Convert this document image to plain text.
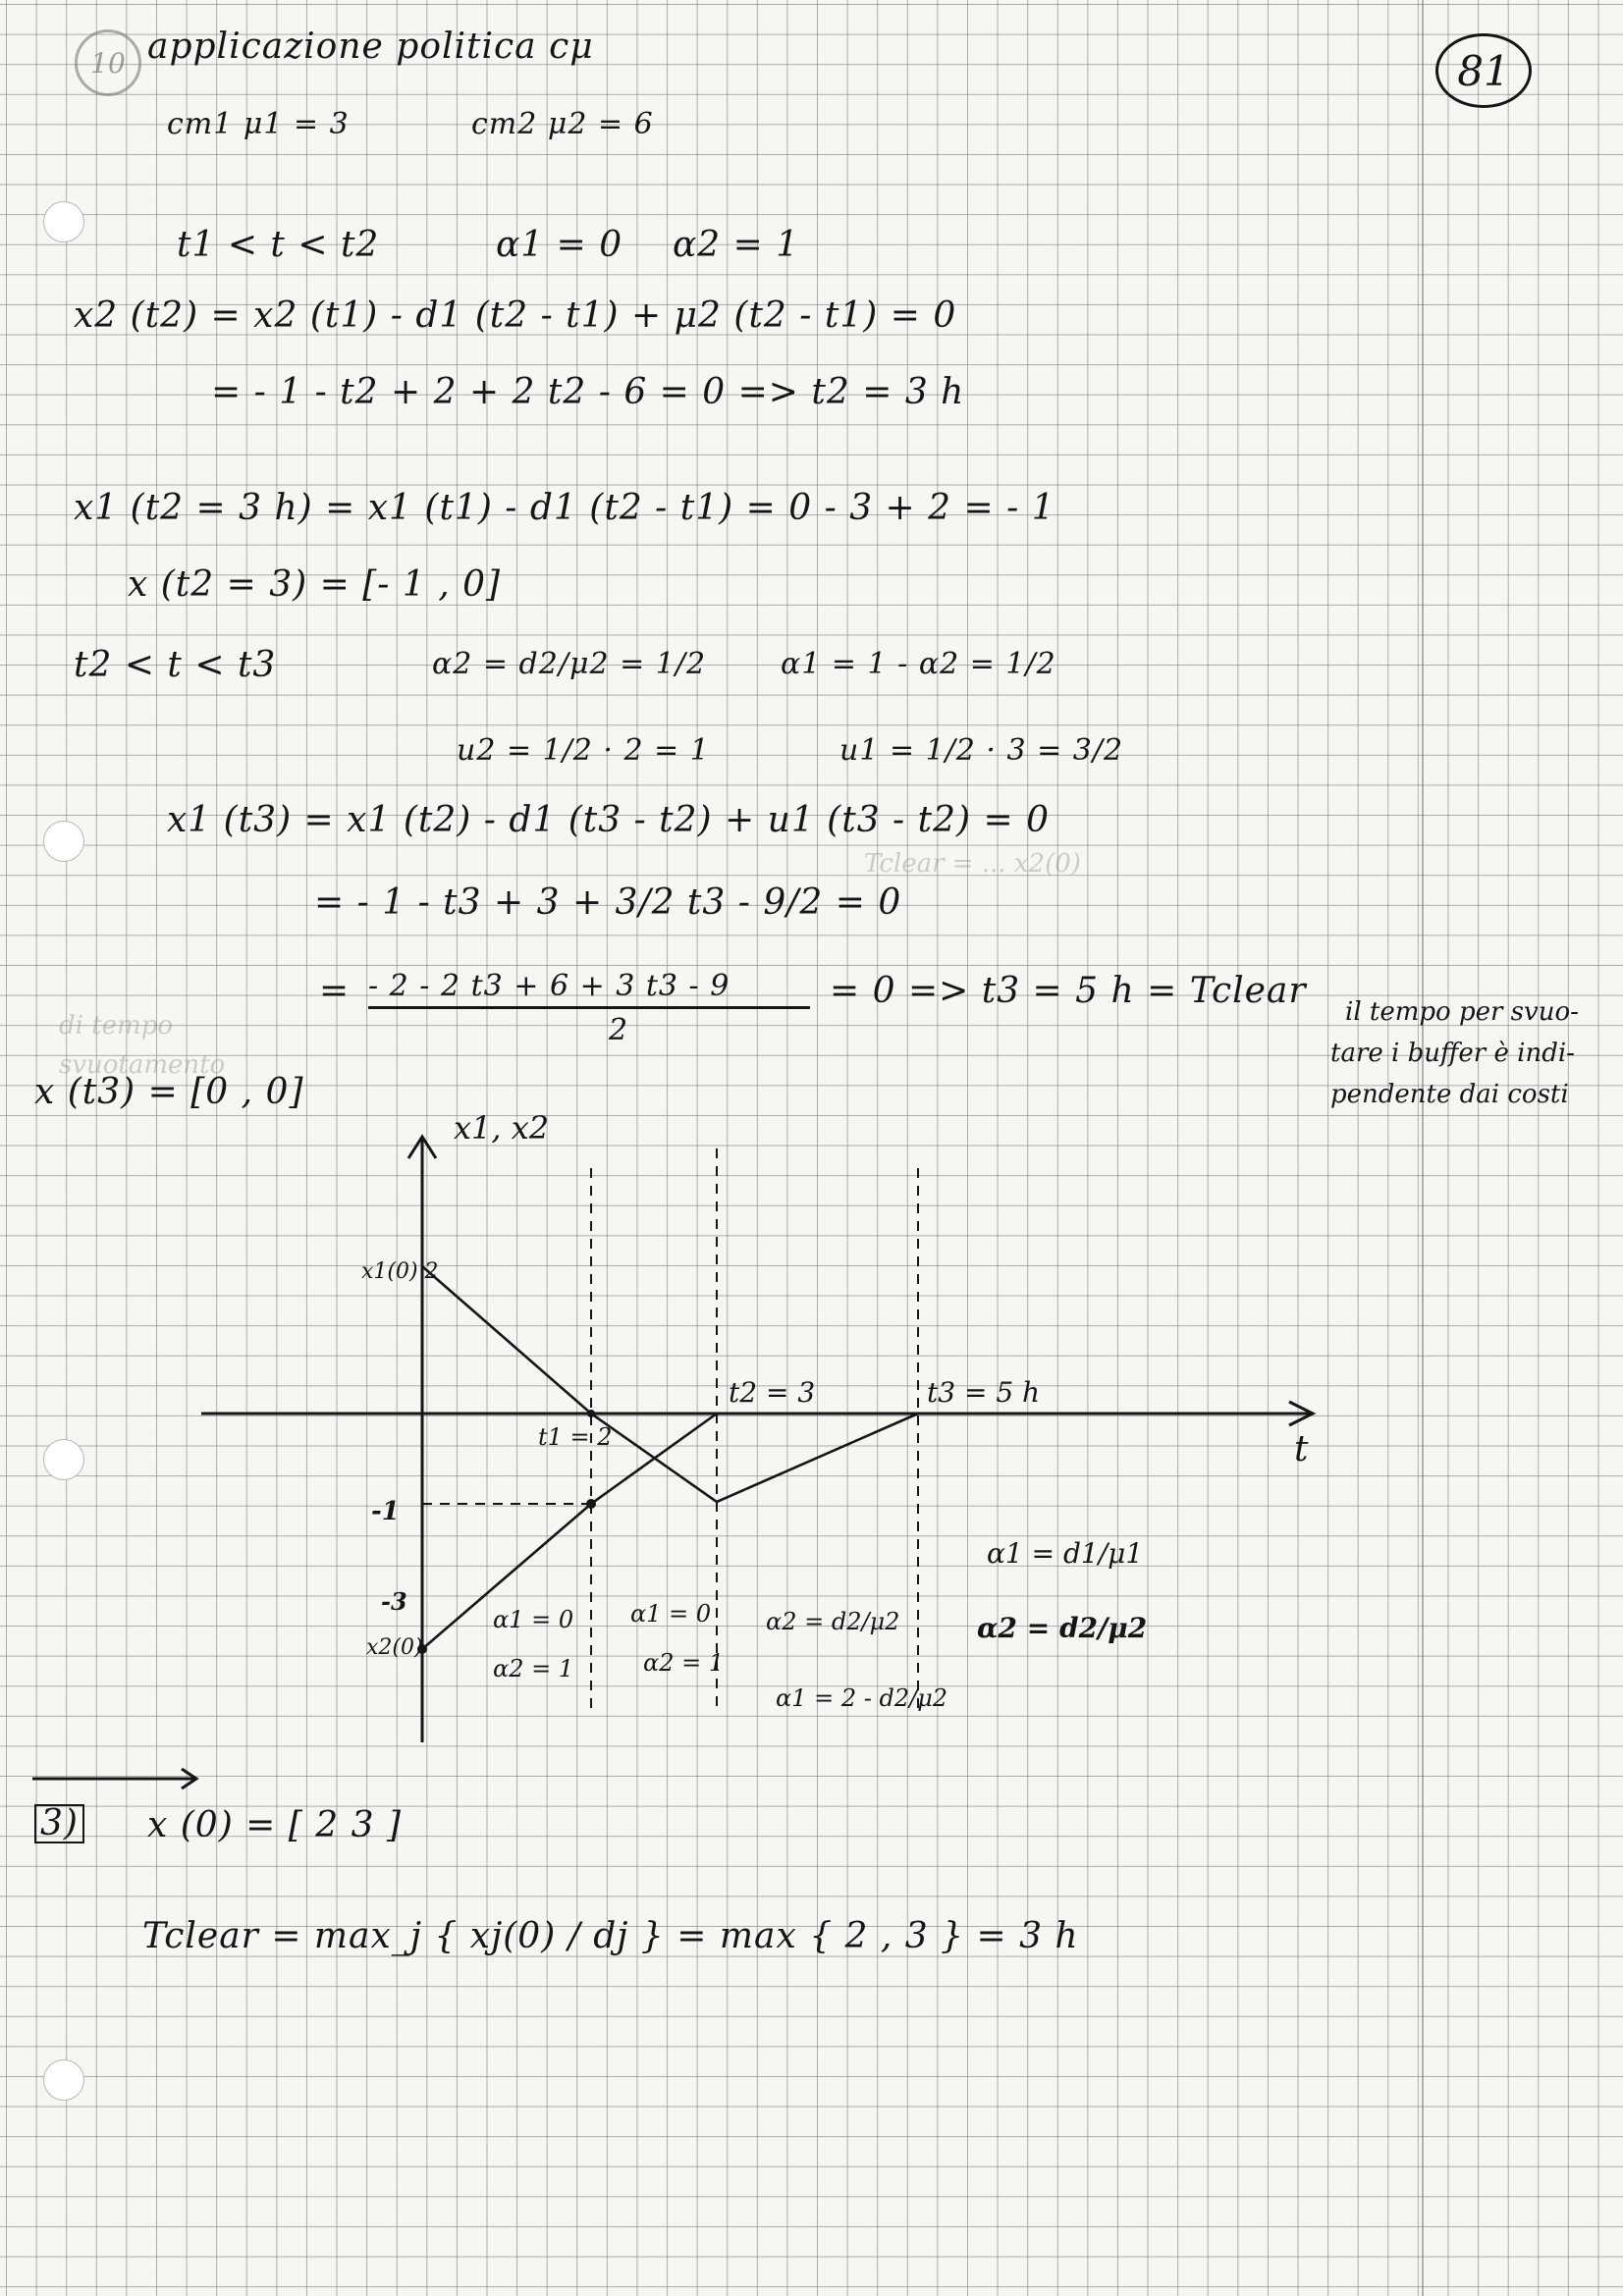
10	81
Tclear = ... x2(0)
di tempo
svuotamento
applicazione politica cμ
cm1 μ1 = 3	cm2 μ2 = 6
t1 < t < t2	α1 = 0 α2 = 1
x2 (t2) = x2 (t1) - d1 (t2 - t1) + μ2 (t2 - t1) = 0
= - 1 - t2 + 2 + 2 t2 - 6 = 0 => t2 = 3 h
x1 (t2 = 3 h) = x1 (t1) - d1 (t2 - t1) = 0 - 3 + 2 = - 1
x (t2 = 3) = [- 1 , 0]
t2 < t < t3	α2 = d2/μ2 = 1/2	α1 = 1 - α2 = 1/2
u2 = 1/2 · 2 = 1	u1 = 1/2 · 3 = 3/2
x1 (t3) = x1 (t2) - d1 (t3 - t2) + u1 (t3 - t2) = 0
= - 1 - t3 + 3 + 3/2 t3 - 9/2 = 0
= - 2 - 2 t3 + 6 + 3 t3 - 9
2
= 0 => t3 = 5 h = Tclear
x (t3) = [0 , 0]
il tempo per svuo-
tare i buffer è indi-
pendente dai costi
x1, x2
t
x1(0) 2
x2(0)
-1
-3
t1 = 2
t2 = 3	t3 = 5 h
α1 = 0
α2 = 1
α1 = 0
α2 = 1
α2 = d2/μ2
α1 = 2 - d2/μ2
α1 = d1/μ1
α2 = d2/μ2
3) x (0) = [ 2 3 ]
Tclear = max_j { xj(0) / dj } = max { 2 , 3 } = 3 h
